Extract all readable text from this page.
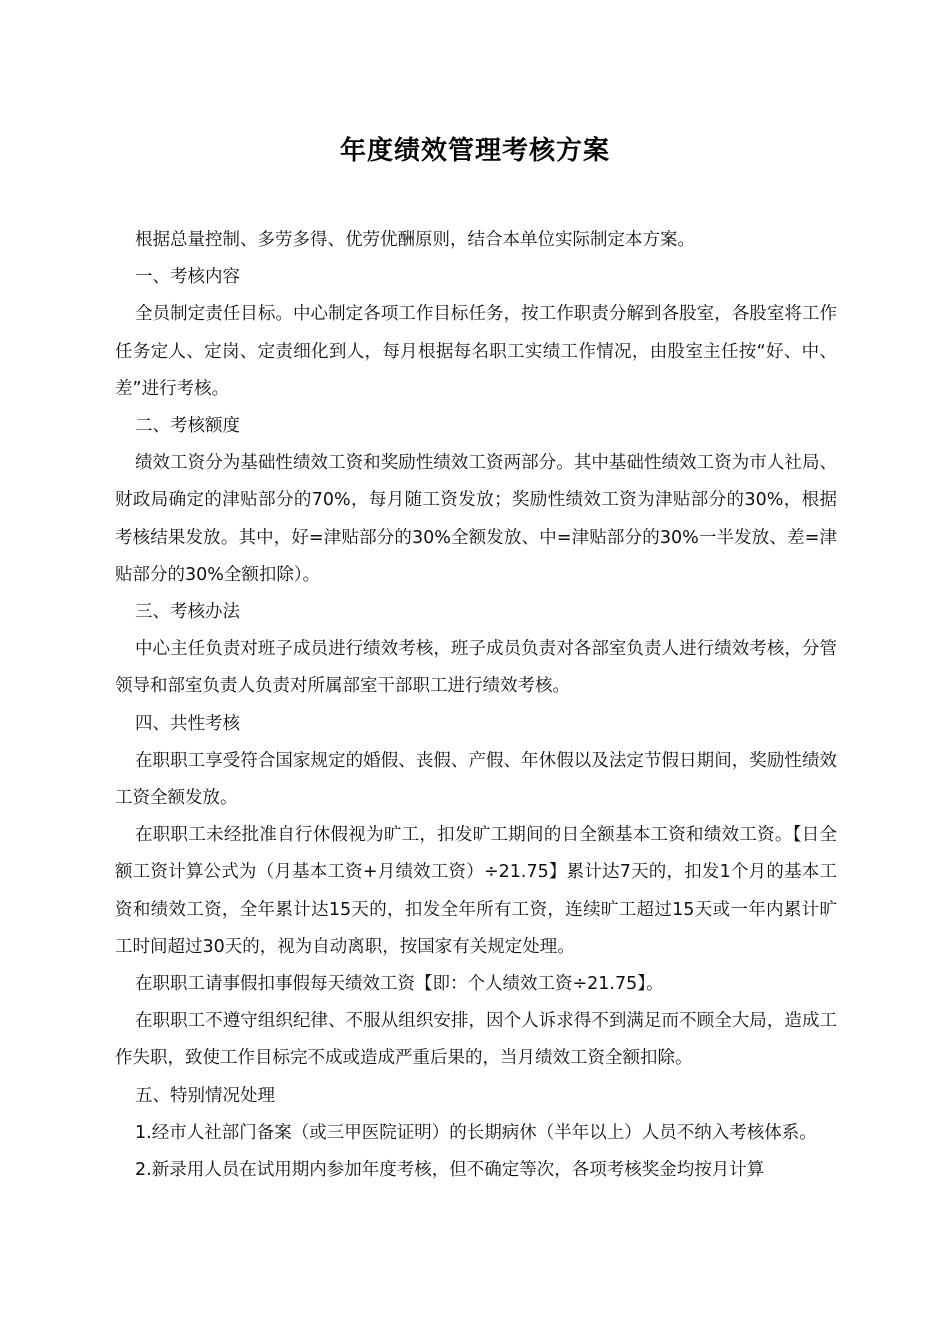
年度绩效管理考核方案

根据总量控制、多劳多得、优劳优酬原则，结合本单位实际制定本方案。

一、考核内容

全员制定责任目标。中心制定各项工作目标任务，按工作职责分解到各股室，各股室将工作任务定人、定岗、定责细化到人，每月根据每名职工实绩工作情况，由股室主任按“好、中、差”进行考核。

二、考核额度

绩效工资分为基础性绩效工资和奖励性绩效工资两部分。其中基础性绩效工资为市人社局、财政局确定的津贴部分的70%，每月随工资发放；奖励性绩效工资为津贴部分的30%，根据考核结果发放。其中，好=津贴部分的30%全额发放、中=津贴部分的30%一半发放、差=津贴部分的30%全额扣除）。

三、考核办法

中心主任负责对班子成员进行绩效考核，班子成员负责对各部室负责人进行绩效考核，分管领导和部室负责人负责对所属部室干部职工进行绩效考核。

四、共性考核

在职职工享受符合国家规定的婚假、丧假、产假、年休假以及法定节假日期间，奖励性绩效工资全额发放。

在职职工未经批准自行休假视为旷工，扣发旷工期间的日全额基本工资和绩效工资。【日全额工资计算公式为（月基本工资+月绩效工资）÷21.75】累计达7天的，扣发1个月的基本工资和绩效工资，全年累计达15天的，扣发全年所有工资，连续旷工超过15天或一年内累计旷工时间超过30天的，视为自动离职，按国家有关规定处理。

在职职工请事假扣事假每天绩效工资【即：个人绩效工资÷21.75】。

在职职工不遵守组织纪律、不服从组织安排，因个人诉求得不到满足而不顾全大局，造成工作失职，致使工作目标完不成或造成严重后果的，当月绩效工资全额扣除。

五、特别情况处理

1.经市人社部门备案（或三甲医院证明）的长期病休（半年以上）人员不纳入考核体系。

2.新录用人员在试用期内参加年度考核，但不确定等次，各项考核奖金均按月计算
